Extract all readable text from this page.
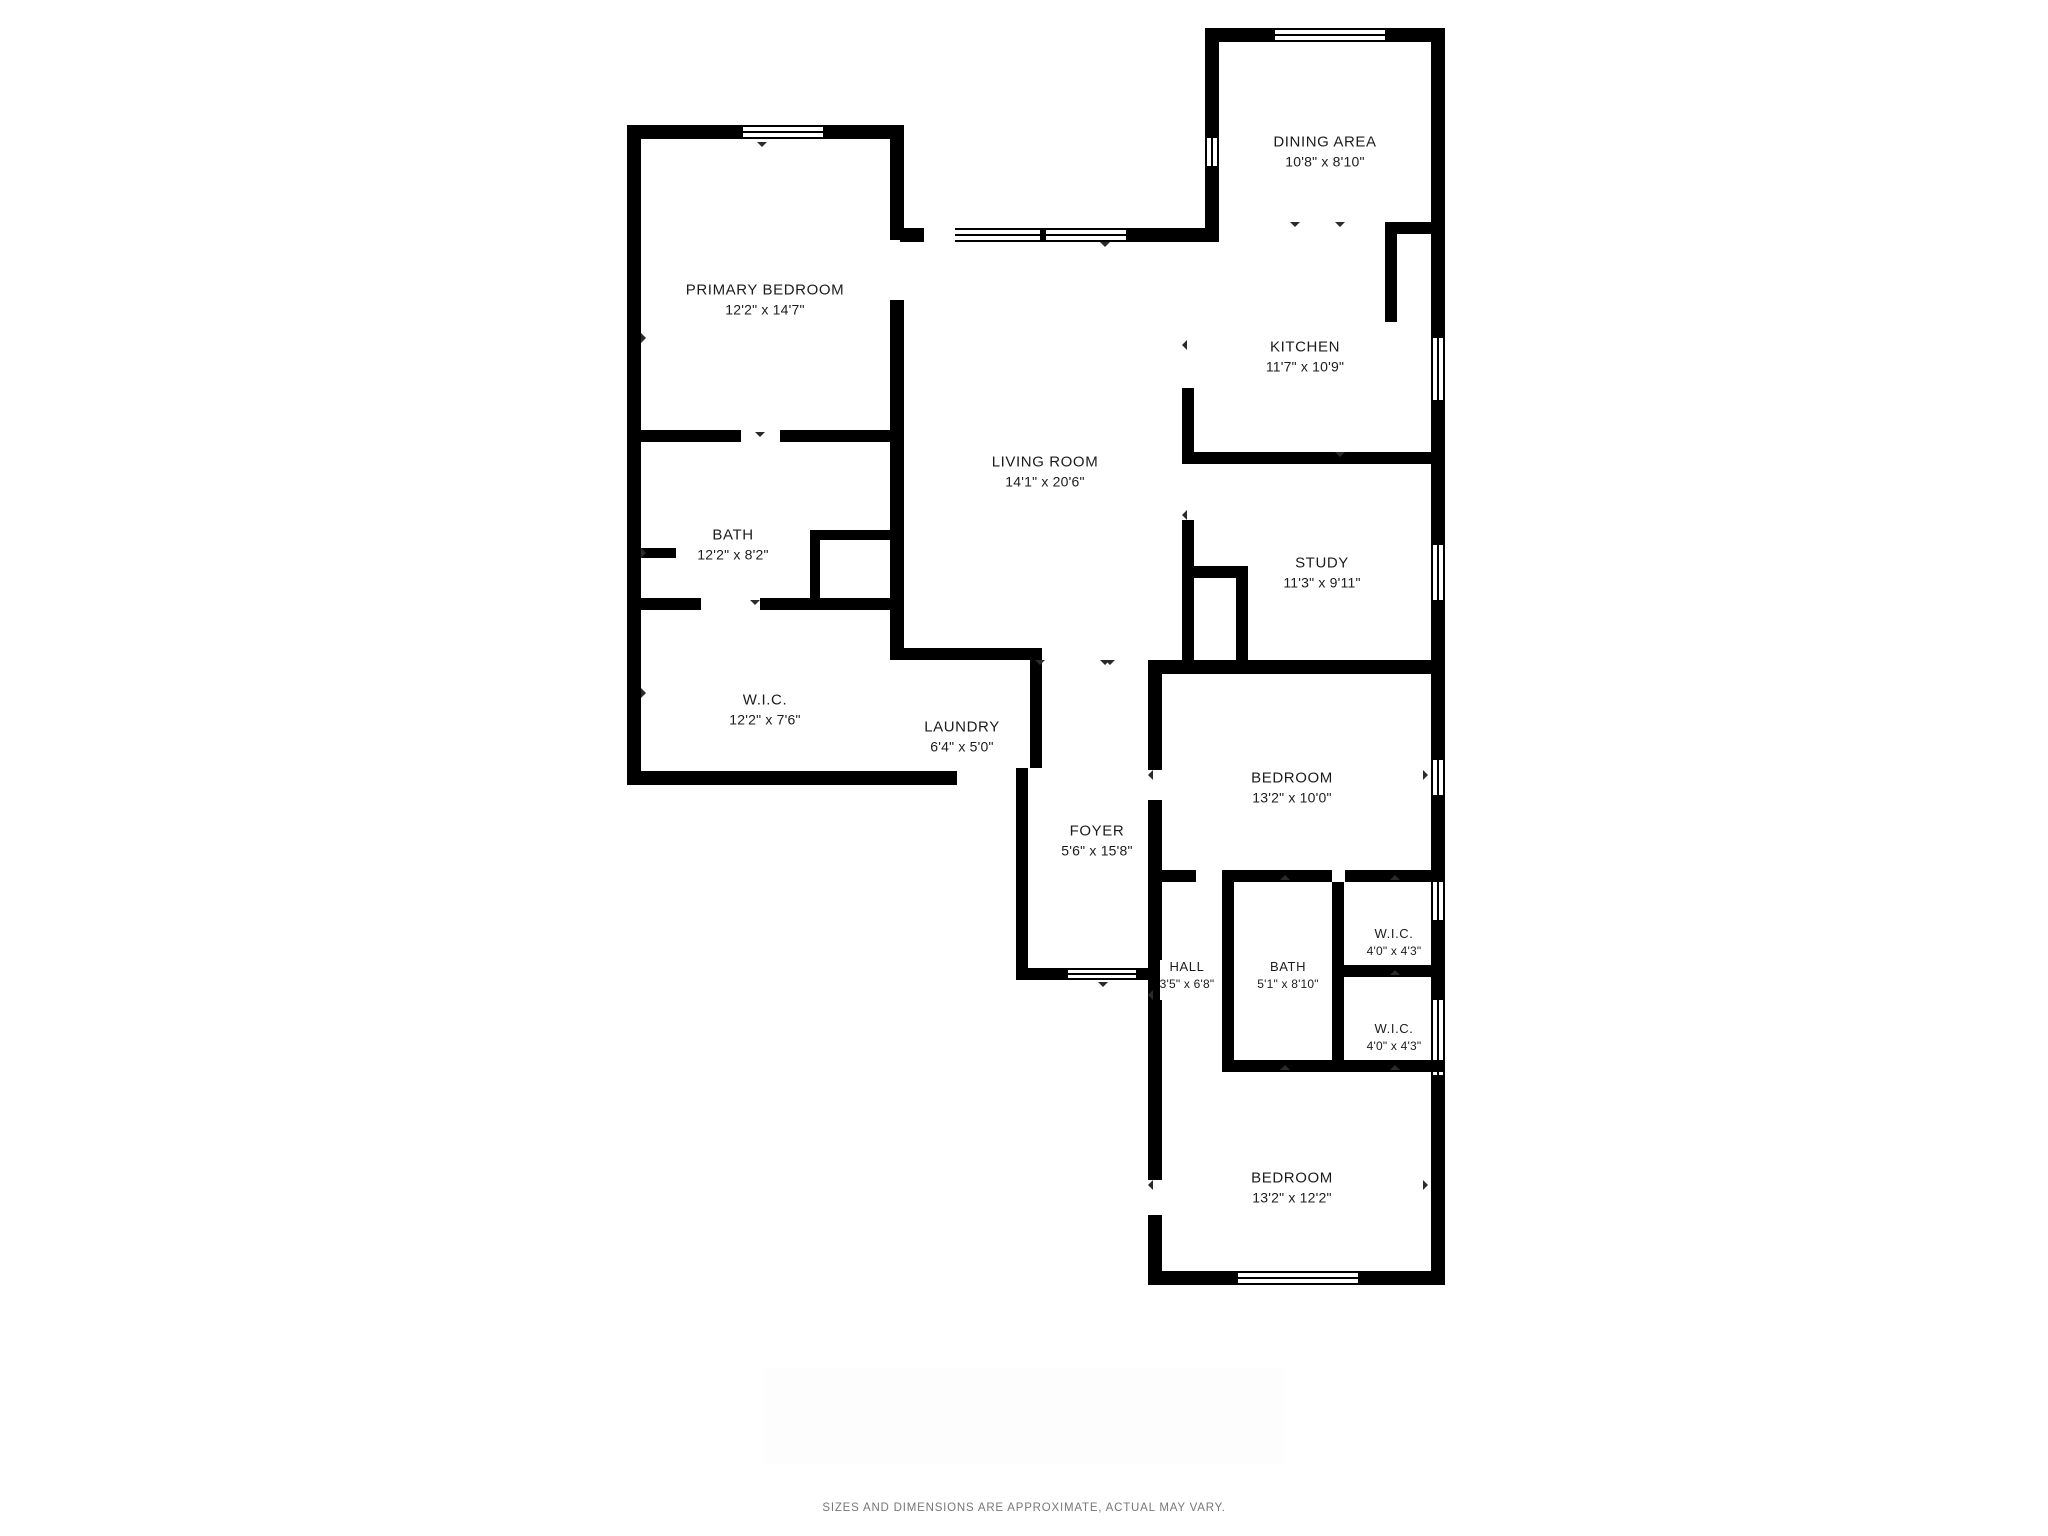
DINING AREA
10'8" x 8'10"
PRIMARY BEDROOM
12'2" x 14'7"
KITCHEN
11'7" x 10'9"
LIVING ROOM
14'1" x 20'6"
BATH
12'2" x 8'2"	STUDY
11'3" x 9'11"
W.I.C.
12'2" x 7'6"	LAUNDRY
6'4" x 5'0"
BEDROOM
13'2" x 10'0"
FOYER
5'6" x 15'8"
W.I.C.
4'0" x 4'3"
HALL
3'5" x 6'8"
BATH
5'1" x 8'10"
W.I.C.
4'0" x 4'3"
BEDROOM
13'2" x 12'2"
SIZES AND DIMENSIONS ARE APPROXIMATE, ACTUAL MAY VARY.
